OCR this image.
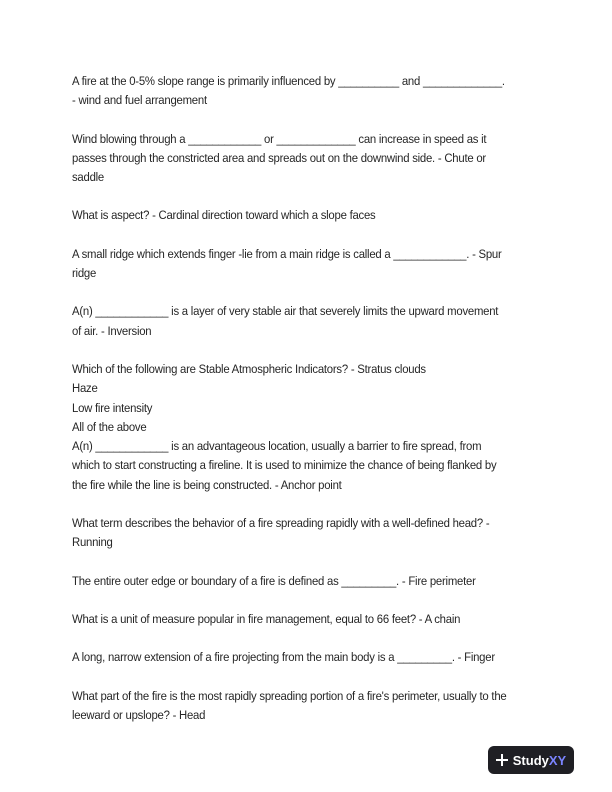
A fire at the 0-5% slope range is primarily influenced by __________ and _____________. - wind and fuel arrangement

Wind blowing through a ____________ or _____________ can increase in speed as it passes through the constricted area and spreads out on the downwind side. - Chute or saddle

What is aspect? - Cardinal direction toward which a slope faces

A small ridge which extends finger -lie from a main ridge is called a ____________. - Spur ridge

A(n) ____________ is a layer of very stable air that severely limits the upward movement of air. - Inversion

Which of the following are Stable Atmospheric Indicators? - Stratus clouds
Haze
Low fire intensity
All of the above

A(n) ____________ is an advantageous location, usually a barrier to fire spread, from which to start constructing a fireline. It is used to minimize the chance of being flanked by the fire while the line is being constructed. - Anchor point

What term describes the behavior of a fire spreading rapidly with a well-defined head? - Running

The entire outer edge or boundary of a fire is defined as _________. - Fire perimeter

What is a unit of measure popular in fire management, equal to 66 feet? - A chain

A long, narrow extension of a fire projecting from the main body is a _________. - Finger

What part of the fire is the most rapidly spreading portion of a fire's perimeter, usually to the leeward or upslope? - Head

StudyXY
